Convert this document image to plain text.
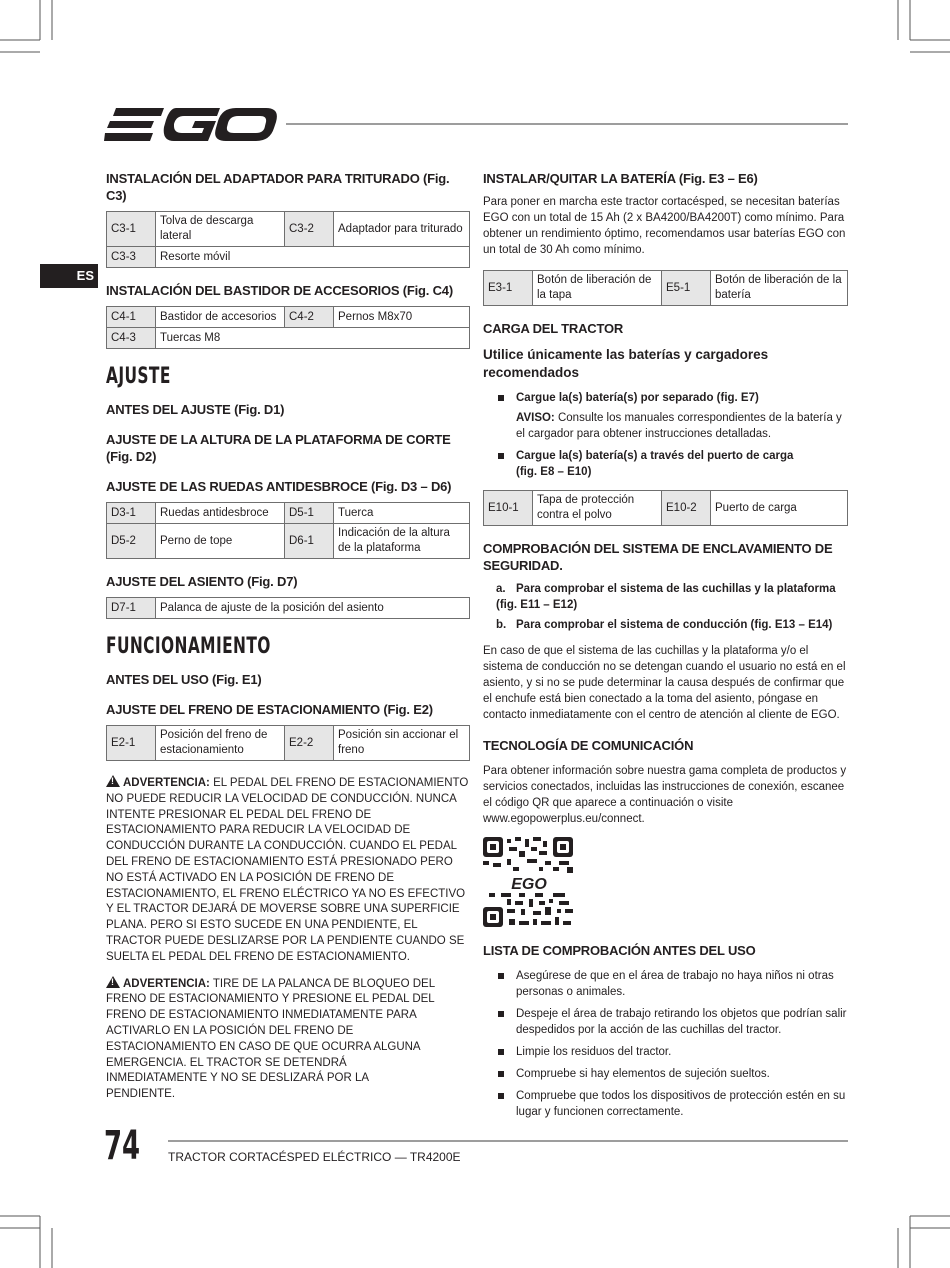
ES
INSTALACIÓN DEL ADAPTADOR PARA TRITURADO (Fig. C3)
C3-1	Tolva de descarga lateral	C3-2	Adaptador para triturado
C3-3	Resorte móvil		
INSTALACIÓN DEL BASTIDOR DE ACCESORIOS (Fig. C4)
C4-1	Bastidor de accesorios	C4-2	Pernos M8x70
C4-3	Tuercas M8		
AJUSTE
ANTES DEL AJUSTE (Fig. D1)
AJUSTE DE LA ALTURA DE LA PLATAFORMA DE CORTE (Fig. D2)
AJUSTE DE LAS RUEDAS ANTIDESBROCE (Fig. D3 – D6)
D3-1	Ruedas antidesbroce	D5-1	Tuerca
D5-2	Perno de tope	D6-1	Indicación de la altura de la plataforma
AJUSTE DEL ASIENTO (Fig. D7)
D7-1	Palanca de ajuste de la posición del asiento
FUNCIONAMIENTO
ANTES DEL USO (Fig. E1)
AJUSTE DEL FRENO DE ESTACIONAMIENTO (Fig. E2)
E2-1	Posición del freno de estacionamiento	E2-2	Posición sin accionar el freno

!ADVERTENCIA: EL PEDAL DEL FRENO DE ESTACIONAMIENTO NO PUEDE REDUCIR LA VELOCIDAD DE CONDUCCIÓN. NUNCA INTENTE PRESIONAR EL PEDAL DEL FRENO DE ESTACIONAMIENTO PARA REDUCIR LA VELOCIDAD DE CONDUCCIÓN DURANTE LA CONDUCCIÓN. CUANDO EL PEDAL DEL FRENO DE ESTACIONAMIENTO ESTÁ PRESIONADO PERO NO ESTÁ ACTIVADO EN LA POSICIÓN DE FRENO DE ESTACIONAMIENTO, EL FRENO ELÉCTRICO YA NO ES EFECTIVO Y EL TRACTOR DEJARÁ DE MOVERSE SOBRE UNA SUPERFICIE PLANA. PERO SI ESTO SUCEDE EN UNA PENDIENTE, EL TRACTOR PUEDE DESLIZARSE POR LA PENDIENTE CUANDO SE SUELTA EL PEDAL DEL FRENO DE ESTACIONAMIENTO.

!ADVERTENCIA: TIRE DE LA PALANCA DE BLOQUEO DEL FRENO DE ESTACIONAMIENTO Y PRESIONE EL PEDAL DEL FRENO DE ESTACIONAMIENTO INMEDIATAMENTE PARA ACTIVARLO EN LA POSICIÓN DEL FRENO DE ESTACIONAMIENTO EN CASO DE QUE OCURRA ALGUNA EMERGENCIA. EL TRACTOR SE DETENDRÁ INMEDIATAMENTE Y NO SE DESLIZARÁ POR LA PENDIENTE.

INSTALAR/QUITAR LA BATERÍA (Fig. E3 – E6)

Para poner en marcha este tractor cortacésped, se necesitan baterías EGO con un total de 15 Ah (2 x BA4200/BA4200T) como mínimo. Para obtener un rendimiento óptimo, recomendamos usar baterías EGO con un total de 30 Ah como mínimo.

E3-1	Botón de liberación de la tapa	E5-1	Botón de liberación de la batería
CARGA DEL TRACTOR
Utilice únicamente las baterías y cargadores recomendados
Cargue la(s) batería(s) por separado (fig. E7)
AVISO: Consulte los manuales correspondientes de la batería y el cargador para obtener instrucciones detalladas.
Cargue la(s) batería(s) a través del puerto de carga (fig. E8 – E10)
E10-1	Tapa de protección contra el polvo	E10-2	Puerto de carga
COMPROBACIÓN DEL SISTEMA DE ENCLAVAMIENTO DE SEGURIDAD.
a. Para comprobar el sistema de las cuchillas y la plataforma (fig. E11 – E12)
b. Para comprobar el sistema de conducción (fig. E13 – E14)

En caso de que el sistema de las cuchillas y la plataforma y/o el sistema de conducción no se detengan cuando el usuario no está en el asiento, y si no se pude determinar la causa después de confirmar que el enchufe está bien conectado a la toma del asiento, póngase en contacto inmediatamente con el centro de atención al cliente de EGO.

TECNOLOGÍA DE COMUNICACIÓN

Para obtener información sobre nuestra gama completa de productos y servicios conectados, incluidas las instrucciones de conexión, escanee el código QR que aparece a continuación o visite www.egopowerplus.eu/connect.

EGO
LISTA DE COMPROBACIÓN ANTES DEL USO
Asegúrese de que en el área de trabajo no haya niños ni otras personas o animales.
Despeje el área de trabajo retirando los objetos que podrían salir despedidos por la acción de las cuchillas del tractor.
Limpie los residuos del tractor.
Compruebe si hay elementos de sujeción sueltos.
Compruebe que todos los dispositivos de protección estén en su lugar y funcionen correctamente.
74 TRACTOR CORTACÉSPED ELÉCTRICO — TR4200E
